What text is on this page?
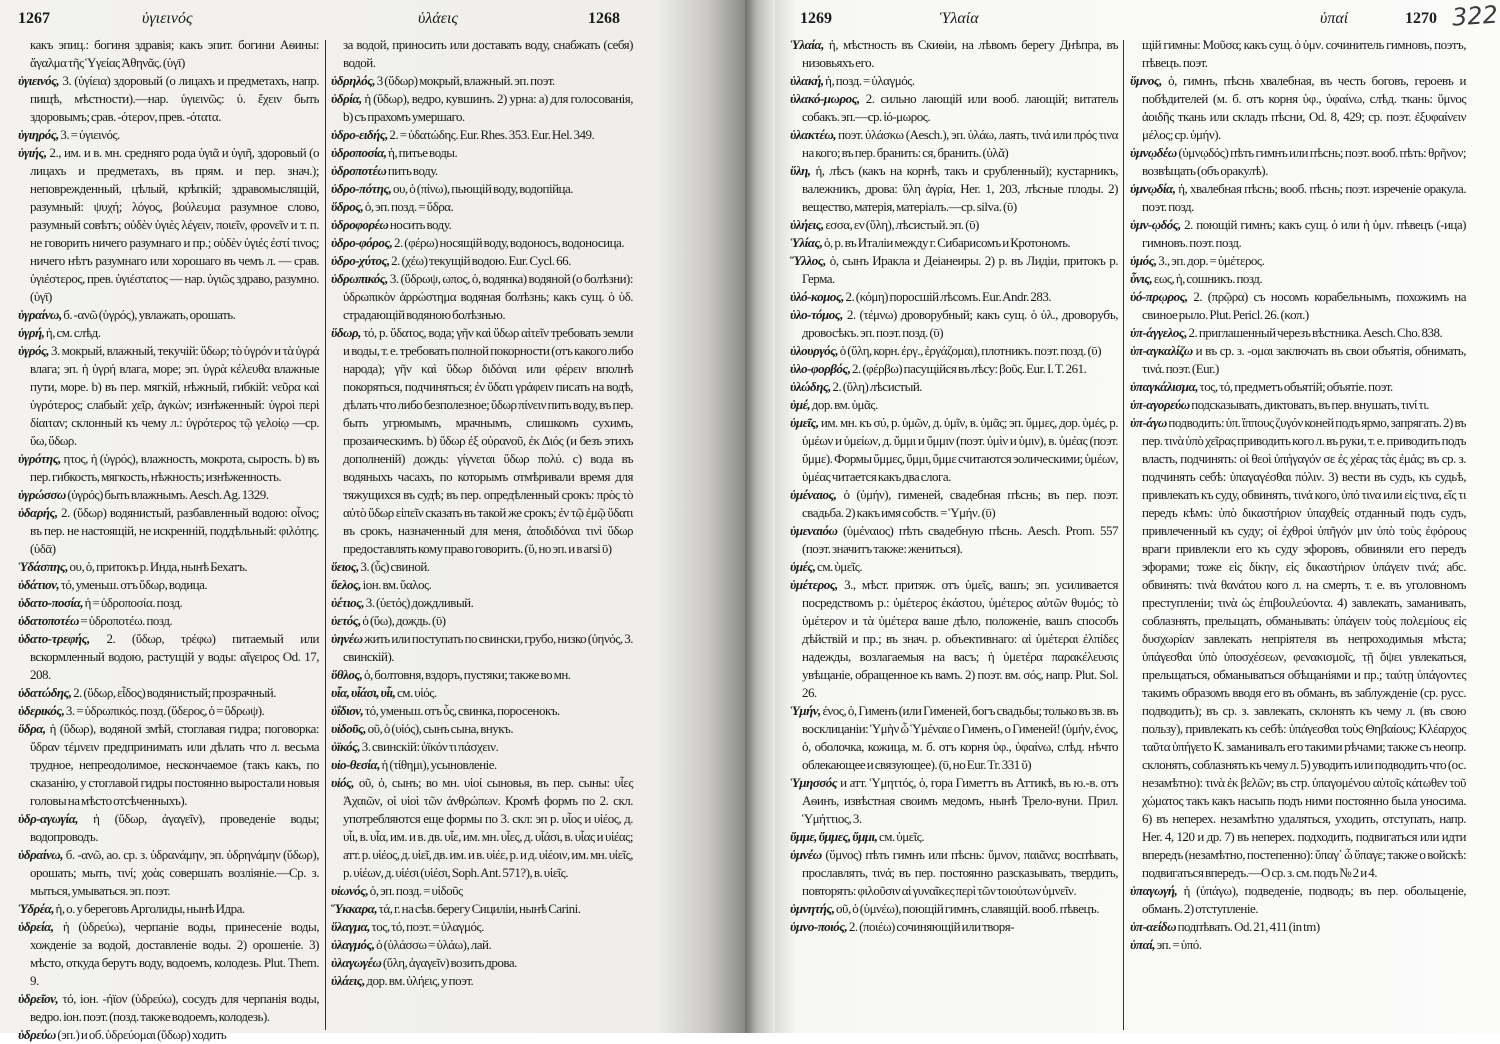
1267	ὑγιεινός	ὑλάεις	1268

какъ эпиц.: богиня здравія; какъ эпит. богини Аѳины: ἄγαλμα τῆς Ὑγείας Ἀθηνᾶς. (ὑγῑ)

ὑγιεινός, 3. (ὑγίεια) здоровый (о лицахъ и предметахъ, напр. пищѣ, мѣстности).—нар. ὑγιεινῶς: ὑ. ἔχειν быть здоровымъ; срав. -ότερον, прев. -ότατα.

ὑγιηρός, 3. = ὑγιεινός.

ὑγιής, 2., им. и в. мн. средняго рода ὑγιᾶ и ὑγιῆ, здоровый (о лицахъ и предметахъ, въ прям. и пер. знач.); неповрежденный, цѣлый, крѣпкій; здравомыслящій, разумный: ψυχή; λόγος, βούλευμα разумное слово, разумный совѣтъ; οὐδὲν ὑγιὲς λέγειν, ποιεῖν, φρονεῖν и т. п. не говорить ничего разумнаго и пр.; οὐδὲν ὑγιές ἐστί τινος; ничего нѣтъ разумнаго или хорошаго въ чемъ л. — срав. ὑγιέστερος, прев. ὑγιέστατος — нар. ὑγιῶς здраво, разумно. (ὑγῑ)

ὑγραίνω, б. -ανῶ (ὑγρός), увлажать, орошать.

ὑγρή, ἡ, см. слѣд.

ὑγρός, 3. мокрый, влажный, текучій: ὕδωρ; τὸ ὑγρόν и τὰ ὑγρά влага; эп. ἡ ὑγρή влага, море; эп. ὑγρὰ κέλευθα влажные пути, море. b) въ пер. мягкій, нѣжный, гибкій: νεῦρα καὶ ὑγρότερος; слабый: χεῖρ, ἀγκών; изнѣженный: ὑγροὶ περὶ δίαιταν; склонный къ чему л.: ὑγρότερος τῷ γελοίῳ —ср. ὕω, ὕδωρ.

ὑγρότης, ητος, ἡ (ὑγρός), влажность, мокрота, сырость. b) въ пер. гибкость, мягкость, нѣжность; изнѣженность.

ὑγρώσσω (ὑγρός) быть влажнымъ. Aesch. Ag. 1329.

ὑδαρής, 2. (ὕδωρ) водянистый, разбавленный водою: οἶνος; въ пер. не настоящій, не искренній, поддѣльный: φιλότης. (ὑδᾱ)

Ὑδάσπης, ου, ὁ, притокъ р. Инда, нынѣ Бехатъ.

ὑδάτιον, τό, уменьш. отъ ὕδωρ, водица.

ὑδατο-ποσία, ἡ = ὑδροποσία. позд.

ὑδατοποτέω = ὑδροποτέω. позд.

ὑδατο-τρεφής, 2. (ὕδωρ, τρέφω) питаемый или вскормленный водою, растущій у воды: αἴγειρος Od. 17, 208.

ὑδατώδης, 2. (ὕδωρ, εἶδος) водянистый; прозрачный.

ὑδερικός, 3. = ὑδρωπικός. позд. (ὕδερος, ὁ = ὕδρωψ).

ὕδρα, ἡ (ὕδωρ), водяной змѣй, стоглавая гидра; поговорка: ὕδραν τέμνειν предпринимать или дѣлать что л. весьма трудное, непреодолимое, нескончаемое (такъ какъ, по сказанію, у стоглавой гидры постоянно выростали новыя головы на мѣсто отсѣченныхъ).

ὑδρ-αγωγία, ἡ (ὕδωρ, ἀγαγεῖν), проведеніе воды; водопроводъ.

ὑδραίνω, б. -ανῶ, ао. ср. з. ὑδρανάμην, эп. ὑδρηνάμην (ὕδωρ), орошать; мыть, τινί; χοὰς совершать возліяніе.—Ср. з. мыться, умываться. эп. поэт.

Ὑδρέα, ἡ, о. у береговъ Арголиды, нынѣ Идра.

ὑδρεία, ἡ (ὑδρεύω), черпаніе воды, принесеніе воды, хожденіе за водой, доставленіе воды. 2) орошеніе. 3) мѣсто, откуда берутъ воду, водоемъ, колодезь. Plut. Them. 9.

ὑδρεῖον, τό, іон. -ήϊον (ὑδρεύω), сосудъ для черпанія воды, ведро. іон. поэт. (позд. также водоемъ, колодезь).

ὑδρεύω (эп.) и об. ὑδρεύομαι (ὕδωρ) ходить

за водой, приносить или доставать воду, снабжать (себя) водой.

ὑδρηλός, 3 (ὕδωρ) мокрый, влажный. эп. поэт.

ὑδρία, ἡ (ὕδωρ), ведро, кувшинъ. 2) урна: a) для голосованія, b) съ прахомъ умершаго.

ὑδρο-ειδής, 2. = ὑδατώδης. Eur. Rhes. 353. Eur. Hel. 349.

ὑδροποσία, ἡ, питье воды.

ὑδροποτέω пить воду.

ὑδρο-πότης, ου, ὁ (πίνω), пьющій воду, водопійца.

ὕδρος, ὁ, эп. позд. = ὕδρα.

ὑδροφορέω носить воду.

ὑδρο-φόρος, 2. (φέρω) носящій воду, водоносъ, водоносица.

ὑδρο-χύτος, 2. (χέω) текущій водою. Eur. Cycl. 66.

ὑδρωπικός, 3. (ὕδρωψ, ωπος, ὁ, водянка) водяной (о болѣзни): ὑδρωπικὸν ἀρρώστημα водяная болѣзнь; какъ сущ. ὁ ὑδ. страдающій водяною болѣзнью.

ὕδωρ, τό, р. ὕδατος, вода; γῆν καὶ ὕδωρ αἰτεῖν требовать земли и воды, т. е. требовать полной покорности (отъ какого либо народа); γῆν καὶ ὕδωρ διδόναι или φέρειν вполнѣ покоряться, подчиняться; ἐν ὕδατι γράφειν писать на водѣ, дѣлать что либо безполезное; ὕδωρ πίνειν пить воду, въ пер. быть угрюмымъ, мрачнымъ, слишкомъ сухимъ, прозаическимъ. b) ὕδωρ ἐξ οὐρανοῦ, ἐκ Διός (и безъ этихъ дополненій) дождь: γίγνεται ὕδωρ πολύ. c) вода въ водяныхъ часахъ, по которымъ отмѣривали время для тяжущихся въ судѣ; въ пер. опредѣленный срокъ: πρὸς τὸ αὐτὸ ὕδωρ εἰπεῖν сказать въ такой же срокъ; ἐν τῷ ἐμῷ ὕδατι въ срокъ, назначенный для меня, ἀποδιδόναι τινὶ ὕδωρ предоставлять кому право говорить. (ῠ, но эп. и в arsi ῡ)

ὕειος, 3. (ὗς) свиной.

ὕελος, іон. вм. ὕαλος.

ὑέτιος, 3. (ὑετός) дождливый.

ὑετός, ὁ (ὕω), дождь. (ῡ)

ὑηνέω жить или поступать по свински, грубо, низко (ὑηνός, 3. свинскій).

ὕθλος, ὁ, болтовня, вздоръ, пустяки; также во мн.

υἷα, υἷάσι, υἷι, см. υἱός.

ὑΐδιον, τό, уменьш. отъ ὗς, свинка, поросенокъ.

υἱδοῦς, οῦ, ὁ (υἱός), сынъ сына, внукъ.

ὑϊκός, 3. свинскій: ὑϊκόν τι πάσχειν.

υἱο-θεσία, ἡ (τίθημι), усыновленіе.

υἱός, οῦ, ὁ, сынъ; во мн. υἱοί сыновья, въ пер. сыны: υἷες Ἀχαιῶν, οἱ υἱοὶ τῶν ἀνθρώπων. Кромѣ формъ по 2. скл. употребляются еще формы по 3. скл: эп р. υἷος и υἱέος, д. υἷι, в. υἷα, им. и в. дв. υἷε, им. мн. υἷες, д. υἷάσι, в. υἷας и υἱέας; атт. р. υἱέος, д. υἱεῖ, дв. им. и в. υἱέε, р. и д. υἱέοιν, им. мн. υἱεῖς, р. υἱέων, д. υἱέσι (υἱέσι, Soph. Ant. 571?), в. υἱεῖς.

υἱωνός, ὁ, эп. позд. = υἱδοῦς

Ὕκκαρα, τά, г. на сѣв. берегу Сициліи, нынѣ Carini.

ὕλαγμα, τος, τό, поэт. = ὑλαγμός.

ὑλαγμός, ὁ (ὑλάσσω = ὑλάω), лай.

ὑλαγωγέω (ὕλη, ἀγαγεῖν) возить дрова.

ὑλάεις, дор. вм. ὑλήεις, у поэт.

1269	Ὑλαία	ὑπαί	1270

Ὑλαία, ἡ, мѣстность въ Скиѳіи, на лѣвомъ берегу Днѣпра, въ низовьяхъ его.

ὑλακή, ἡ, позд. = ὑλαγμός.

ὑλακό-μωρος, 2. сильно лающій или вооб. лающій; витатель собакъ. эп.—ср. ἰό-μωρος.

ὑλακτέω, поэт. ὑλάσκω (Aesch.), эп. ὑλάω, лаять, τινά или πρός τινα на кого; въ пер. бранить: ся, бранить. (ὑλᾰ)

ὕλη, ἡ, лѣсъ (какъ на корнѣ, такъ и срубленный); кустарникъ, валежникъ, дрова: ὕλη ἀγρία, Her. 1, 203, лѣсные плоды. 2) вещество, матерія, матеріалъ.—ср. silva. (ῡ)

ὑλήεις, εσσα, εν (ὕλη), лѣсистый. эп. (ῡ)

Ὑλίας, ὁ, р. въ Италіи между г. Сибарисомъ и Кротономъ.

Ὕλλος, ὁ, сынъ Иракла и Деіанеиры. 2) р. въ Лидіи, притокъ р. Герма.

ὑλό-κομος, 2. (κόμη) поросшій лѣсомъ. Eur. Andr. 283.

ὑλο-τόμος, 2. (τέμνω) дроворубный; какъ сущ. ὁ ὑλ., дроворубъ, дровосѣкъ. эп. поэт. позд. (ῡ)

ὑλουργός, ὁ (ὕλη, корн. ἐργ., ἐργάζομαι), плотникъ. поэт. позд. (ῡ)

ὑλο-φορβός, 2. (φέρβω) пасущійся въ лѣсу: βοῦς. Eur. I. T. 261.

ὑλώδης, 2. (ὕλη) лѣсистый.

ὑμέ, дор. вм. ὑμᾶς.

ὑμεῖς, им. мн. къ σύ, р. ὑμῶν, д. ὑμῖν, в. ὑμᾶς; эп. ὔμμες, дор. ὑμές, р. ὑμέων и ὑμείων, д. ὔμμι и ὔμμιν (поэт. ὑμὶν и ὑμιν), в. ὑμέας (поэт. ὔμμε). Формы ὔμμες, ὔμμι, ὔμμε считаются эолическими; ὑμέων, ὑμέας читается какъ два слога.

ὑμέναιος, ὁ (ὑμήν), гименей, свадебная пѣснь; въ пер. поэт. свадьба. 2) какъ имя собств. = Ὑμήν. (ῡ)

ὑμεναιόω (ὑμέναιος) пѣть свадебную пѣснь. Aesch. Prom. 557 (поэт. значитъ также: жениться).

ὑμές, см. ὑμεῖς.

ὑμέτερος, 3., мѣст. притяж. отъ ὑμεῖς, вашъ; эп. усиливается посредствомъ р.: ὑμέτερος ἑκάστου, ὑμέτερος αὐτῶν θυμός; τὸ ὑμέτερον и τὰ ὑμέτερα ваше дѣло, положеніе, вашъ способъ дѣйствій и пр.; въ знач. р. объективнаго: αἱ ὑμέτεραι ἐλπίδες надежды, возлагаемыя на васъ; ἡ ὑμετέρα παρακέλευσις увѣщаніе, обращенное къ вамъ. 2) поэт. вм. σός, напр. Plut. Sol. 26.

Ὑμήν, ένος, ὁ, Гименъ (или Гименей, богъ свадьбы; только въ зв. въ восклицаніи: Ὑμὴν ὦ Ὑμέναιε о Гименъ, о Гименей! (ὑμήν, ένος, ὁ, оболочка, кожица, м. б. отъ корня ὑφ., ὑφαίνω, слѣд. нѣчто облекающее и связующее). (ῡ, но Eur. Tr. 331 ῠ)

Ὑμησσός и атт. Ὑμηττός, ὁ, гора Гиметтъ въ Аттикѣ, въ ю.-в. отъ Аѳинъ, извѣстная своимъ медомъ, нынѣ Трело-вуни. Прил. Ὑμήττιος, 3.

ὔμμε, ὔμμες, ὔμμι, см. ὑμεῖς.

ὑμνέω (ὕμνος) пѣть гимнъ или пѣснь: ὕμνον, παιᾶνα; воспѣвать, прославлять, τινά; въ пер. постоянно разсказывать, твердить, повторять: φιλοῦσιν αἱ γυναῖκες περὶ τῶν τοιούτων ὑμνεῖν.

ὑμνητής, οῦ, ὁ (ὑμνέω), поющій гимнъ, славящій. вооб. пѣвецъ.

ὑμνο-ποιός, 2. (ποιέω) сочиняющій или творя-

щій гимны: Μοῦσα; какъ сущ. ὁ ὑμν. сочинитель гимновъ, поэтъ, пѣвецъ. поэт.

ὕμνος, ὁ, гимнъ, пѣснь хвалебная, въ честь боговъ, героевъ и побѣдителей (м. б. отъ корня ὑφ., ὑφαίνω, слѣд. ткань: ὕμνος ἀοιδῆς ткань или складъ пѣсни, Od. 8, 429; ср. поэт. ἐξυφαίνειν μέλος; ср. ὑμήν).

ὑμνῳδέω (ὑμνῳδός) пѣть гимнъ или пѣснь; поэт. вооб. пѣть: θρῆνον; возвѣщать (объ оракулѣ).

ὑμνῳδία, ἡ, хвалебная пѣснь; вооб. пѣснь; поэт. изреченіе оракула. поэт. позд.

ὑμν-ῳδός, 2. поющій гимнъ; какъ сущ. ὁ или ἡ ὑμν. пѣвецъ (-ица) гимновъ. поэт. позд.

ὑμός, 3., эп. дор. = ὑμέτερος.

ὗνις, εως, ἡ, сошникъ. позд.

ὑό-πρῳρος, 2. (πρῷρα) съ носомъ корабельнымъ, похожимъ на свиное рыло. Plut. Pericl. 26. (κοπ.)

ὑπ-άγγελος, 2. приглашенный черезъ вѣстника. Aesch. Cho. 838.

ὑπ-αγκαλίζω и въ ср. з. -ομαι заключать въ свои объятія, обнимать, τινά. поэт. (Eur.)

ὑπαγκάλισμα, τος, τό, предметъ объятій; объятіе. поэт.

ὑπ-αγορεύω подсказывать, диктовать, въ пер. внушать, τινί τι.

ὑπ-άγω подводить: ὑπ. ἵππους ζυγόν коней подъ ярмо, запрягать. 2) въ пер. τινὰ ὑπὸ χεῖρας приводить кого л. въ руки, т. е. приводить подъ власть, подчинять: οἱ θεοὶ ὑπήγαγόν σε ἐς χέρας τὰς ἐμάς; въ ср. з. подчинять себѣ: ὑπαγαγέσθαι πόλιν. 3) вести въ судъ, къ судьѣ, привлекать къ суду, обвинять, τινά кого, ὑπό τινα или εἰς τινα, εἴς τι передъ кѣмъ: ὑπὸ δικαστήριον ὑπαχθείς отданный подъ судъ, привлеченный къ суду; οἱ ἐχθροὶ ὑπῆγόν μιν ὑπὸ τοὺς ἐφόρους враги привлекли его къ суду эфоровъ, обвиняли его передъ эфорами; тоже εἰς δίκην, εἰς δικαστήριον ὑπάγειν τινά; абс. обвинять: τινὰ θανάτου кого л. на смерть, т. е. въ уголовномъ преступленіи; τινὰ ὡς ἐπιβουλεύοντα. 4) завлекать, заманивать, соблазнять, прельщать, обманывать: ὑπάγειν τοὺς πολεμίους εἰς δυσχωρίαν завлекать непріятеля въ непроходимыя мѣста; ὑπάγεσθαι ὑπὸ ὑποσχέσεων, φενακισμοῖς, τῇ ὄψει увлекаться, прельщаться, обманываться обѣщаніями и пр.; ταύτῃ ὑπάγοντες такимъ образомъ вводя его въ обманъ, въ заблужденіе (ср. русс. подводить); въ ср. з. завлекать, склонять къ чему л. (въ свою пользу), привлекать къ себѣ: ὑπάγεσθαι τοὺς Θηβαίους; Κλέαρχος ταῦτα ὑπήγετο К. заманивалъ его такими рѣчами; также съ неопр. склонять, соблазнять къ чему л. 5) уводить или подводить что (ос. незамѣтно): τινὰ ἐκ βελῶν; въ стр. ὑπαγομένου αὐτοῖς κάτωθεν τοῦ χώματος такъ какъ насыпь подъ ними постоянно была уносима. 6) въ неперех. незамѣтно удаляться, уходить, отступать, напр. Her. 4, 120 и др. 7) въ неперех. подходить, подвигаться или идти впередъ (незамѣтно, постепенно): ὕπαγ᾽ ὦ ὕπαγε; также о войскѣ: подвигаться впередъ.—О ср. з. см. подъ № 2 и 4.

ὑπαγωγή, ἡ (ὑπάγω), подведеніе, подводъ; въ пер. обольщеніе, обманъ. 2) отступленіе.

ὑπ-αείδω подпѣвать. Od. 21, 411 (in tm)

ὑπαί, эп. = ὑπό.

322
